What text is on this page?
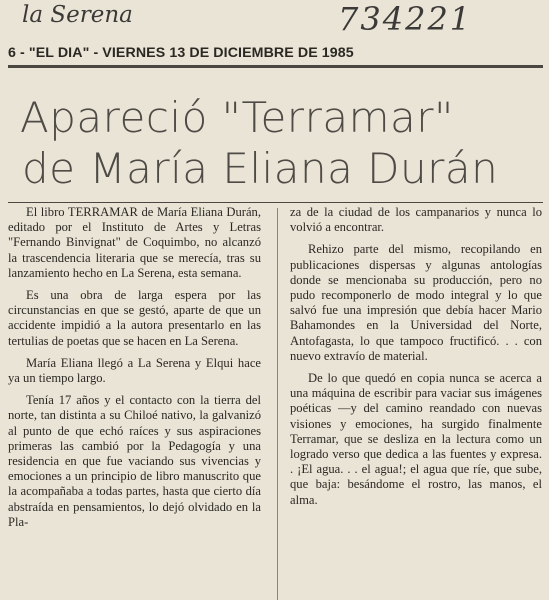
la Serena	734221
6 - "EL DIA" - VIERNES 13 DE DICIEMBRE DE 1985
Apareció "Terramar"
de María Eliana Durán

El libro TERRAMAR de María Eliana Durán, editado por el Instituto de Artes y Letras "Fernando Binvignat" de Coquimbo, no alcanzó la trascendencia literaria que se merecía, tras su lanzamiento hecho en La Serena, esta semana.

Es una obra de larga espera por las circunstancias en que se gestó, aparte de que un accidente impidió a la autora presentarlo en las tertulias de poetas que se hacen en La Serena.

María Eliana llegó a La Serena y Elqui hace ya un tiempo largo.

Tenía 17 años y el contacto con la tierra del norte, tan distinta a su Chiloé nativo, la galvanizó al punto de que echó raíces y sus aspiraciones primeras las cambió por la Pedagogía y una residencia en que fue vaciando sus vivencias y emociones a un principio de libro manuscrito que la acompañaba a todas partes, hasta que cierto día abstraída en pensamientos, lo dejó olvidado en la Pla-

za de la ciudad de los campanarios y nunca lo volvió a encontrar.

Rehizo parte del mismo, recopilando en publicaciones dispersas y algunas antologías donde se mencionaba su producción, pero no pudo recomponerlo de modo integral y lo que salvó fue una impresión que debía hacer Mario Bahamondes en la Universidad del Norte, Antofagasta, lo que tampoco fructificó. . . con nuevo extravío de material.

De lo que quedó en copia nunca se acerca a una máquina de escribir para vaciar sus imágenes poéticas —y del camino reandado con nuevas visiones y emociones, ha surgido finalmente Terramar, que se desliza en la lectura como un logrado verso que dedica a las fuentes y expresa. . ¡El agua. . . el agua!; el agua que ríe, que sube, que baja: besándome el rostro, las manos, el alma.
